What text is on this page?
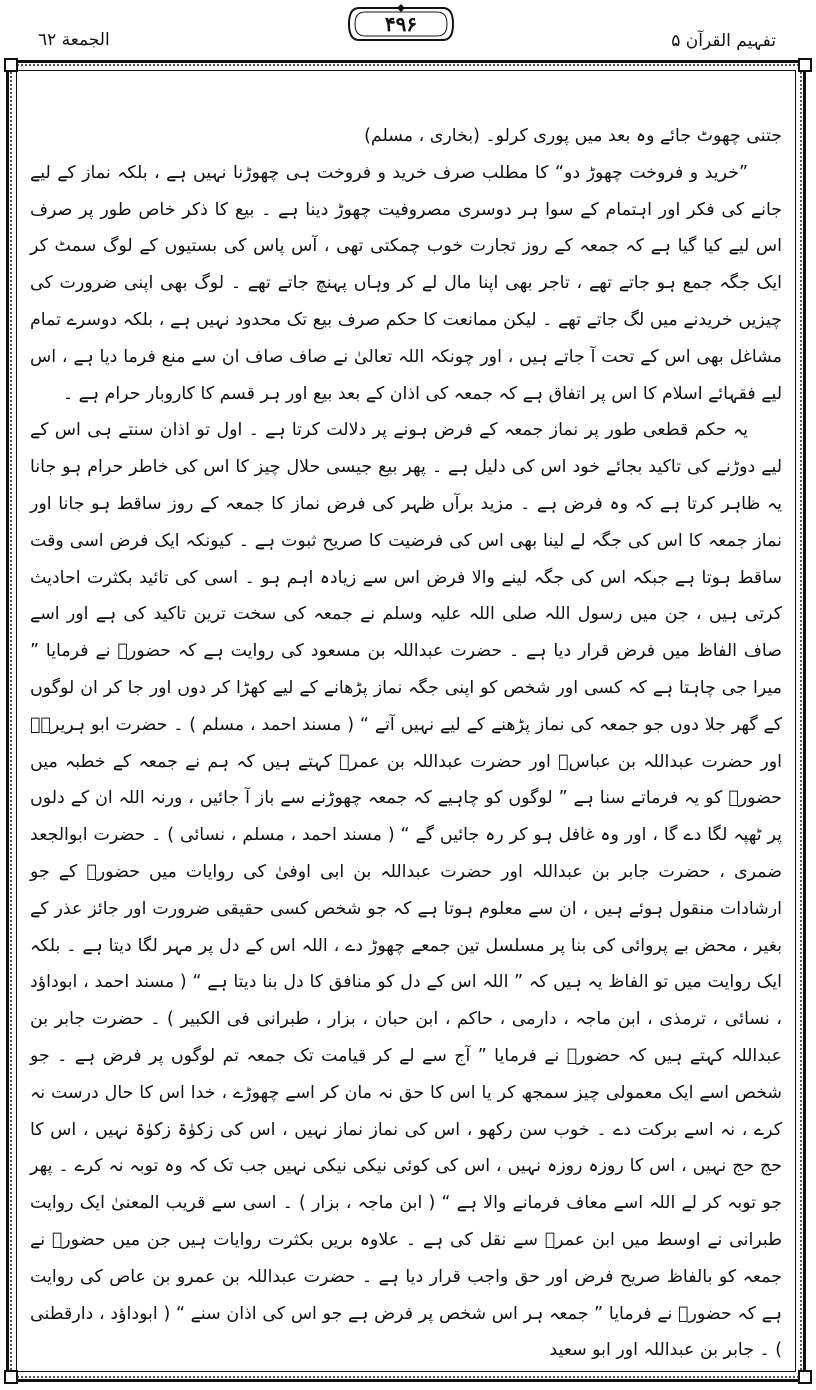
الجمعة ٦٢
۴۹۶
تفہیم القرآن ۵

جتنی چھوٹ جائے وہ بعد میں پوری کرلو۔ (بخاری ، مسلم)

”خرید و فروخت چھوڑ دو“ کا مطلب صرف خرید و فروخت ہی چھوڑنا نہیں ہے ، بلکہ نماز کے لیے جانے کی فکر اور اہتمام کے سوا ہر دوسری مصروفیت چھوڑ دینا ہے ۔ بیع کا ذکر خاص طور پر صرف اس لیے کیا گیا ہے کہ جمعہ کے روز تجارت خوب چمکتی تھی ، آس پاس کی بستیوں کے لوگ سمٹ کر ایک جگہ جمع ہو جاتے تھے ، تاجر بھی اپنا مال لے کر وہاں پہنچ جاتے تھے ۔ لوگ بھی اپنی ضرورت کی چیزیں خریدنے میں لگ جاتے تھے ۔ لیکن ممانعت کا حکم صرف بیع تک محدود نہیں ہے ، بلکہ دوسرے تمام مشاغل بھی اس کے تحت آ جاتے ہیں ، اور چونکہ اللہ تعالیٰ نے صاف صاف ان سے منع فرما دیا ہے ، اس لیے فقہائے اسلام کا اس پر اتفاق ہے کہ جمعہ کی اذان کے بعد بیع اور ہر قسم کا کاروبار حرام ہے ۔

یہ حکم قطعی طور پر نماز جمعہ کے فرض ہونے پر دلالت کرتا ہے ۔ اول تو اذان سنتے ہی اس کے لیے دوڑنے کی تاکید بجائے خود اس کی دلیل ہے ۔ پھر بیع جیسی حلال چیز کا اس کی خاطر حرام ہو جانا یہ ظاہر کرتا ہے کہ وہ فرض ہے ۔ مزید برآں ظہر کی فرض نماز کا جمعہ کے روز ساقط ہو جانا اور نماز جمعہ کا اس کی جگہ لے لینا بھی اس کی فرضیت کا صریح ثبوت ہے ۔ کیونکہ ایک فرض اسی وقت ساقط ہوتا ہے جبکہ اس کی جگہ لینے والا فرض اس سے زیادہ اہم ہو ۔ اسی کی تائید بکثرت احادیث کرتی ہیں ، جن میں رسول اللہ صلی اللہ علیہ وسلم نے جمعہ کی سخت ترین تاکید کی ہے اور اسے صاف الفاظ میں فرض قرار دیا ہے ۔ حضرت عبداللہ بن مسعود کی روایت ہے کہ حضورؐ نے فرمایا ” میرا جی چاہتا ہے کہ کسی اور شخص کو اپنی جگہ نماز پڑھانے کے لیے کھڑا کر دوں اور جا کر ان لوگوں کے گھر جلا دوں جو جمعہ کی نماز پڑھنے کے لیے نہیں آتے “ ( مسند احمد ، مسلم ) ۔ حضرت ابو ہریرہؓ اور حضرت عبداللہ بن عباسؓ اور حضرت عبداللہ بن عمرؓ کہتے ہیں کہ ہم نے جمعہ کے خطبہ میں حضورؐ کو یہ فرماتے سنا ہے ” لوگوں کو چاہیے کہ جمعہ چھوڑنے سے باز آ جائیں ، ورنہ اللہ ان کے دلوں پر ٹھپہ لگا دے گا ، اور وہ غافل ہو کر رہ جائیں گے “ ( مسند احمد ، مسلم ، نسائی ) ۔ حضرت ابوالجعد ضمری ، حضرت جابر بن عبداللہ اور حضرت عبداللہ بن ابی اوفیٰ کی روایات میں حضورؐ کے جو ارشادات منقول ہوئے ہیں ، ان سے معلوم ہوتا ہے کہ جو شخص کسی حقیقی ضرورت اور جائز عذر کے بغیر ، محض بے پروائی کی بنا پر مسلسل تین جمعے چھوڑ دے ، اللہ اس کے دل پر مہر لگا دیتا ہے ۔ بلکہ ایک روایت میں تو الفاظ یہ ہیں کہ ” اللہ اس کے دل کو منافق کا دل بنا دیتا ہے “ ( مسند احمد ، ابوداؤد ، نسائی ، ترمذی ، ابن ماجہ ، دارمی ، حاکم ، ابن حبان ، بزار ، طبرانی فی الکبیر ) ۔ حضرت جابر بن عبداللہ کہتے ہیں کہ حضورؐ نے فرمایا ” آج سے لے کر قیامت تک جمعہ تم لوگوں پر فرض ہے ۔ جو شخص اسے ایک معمولی چیز سمجھ کر یا اس کا حق نہ مان کر اسے چھوڑے ، خدا اس کا حال درست نہ کرے ، نہ اسے برکت دے ۔ خوب سن رکھو ، اس کی نماز نماز نہیں ، اس کی زکوٰۃ زکوٰۃ نہیں ، اس کا حج حج نہیں ، اس کا روزہ روزہ نہیں ، اس کی کوئی نیکی نیکی نہیں جب تک کہ وہ توبہ نہ کرے ۔ پھر جو توبہ کر لے اللہ اسے معاف فرمانے والا ہے “ ( ابن ماجہ ، بزار ) ۔ اسی سے قریب المعنیٰ ایک روایت طبرانی نے اوسط میں ابن عمرؓ سے نقل کی ہے ۔ علاوہ بریں بکثرت روایات ہیں جن میں حضورؐ نے جمعہ کو بالفاظ صریح فرض اور حق واجب قرار دیا ہے ۔ حضرت عبداللہ بن عمرو بن عاص کی روایت ہے کہ حضورؐ نے فرمایا ” جمعہ ہر اس شخص پر فرض ہے جو اس کی اذان سنے “ ( ابوداؤد ، دارقطنی ) ۔ جابر بن عبداللہ اور ابو سعید
